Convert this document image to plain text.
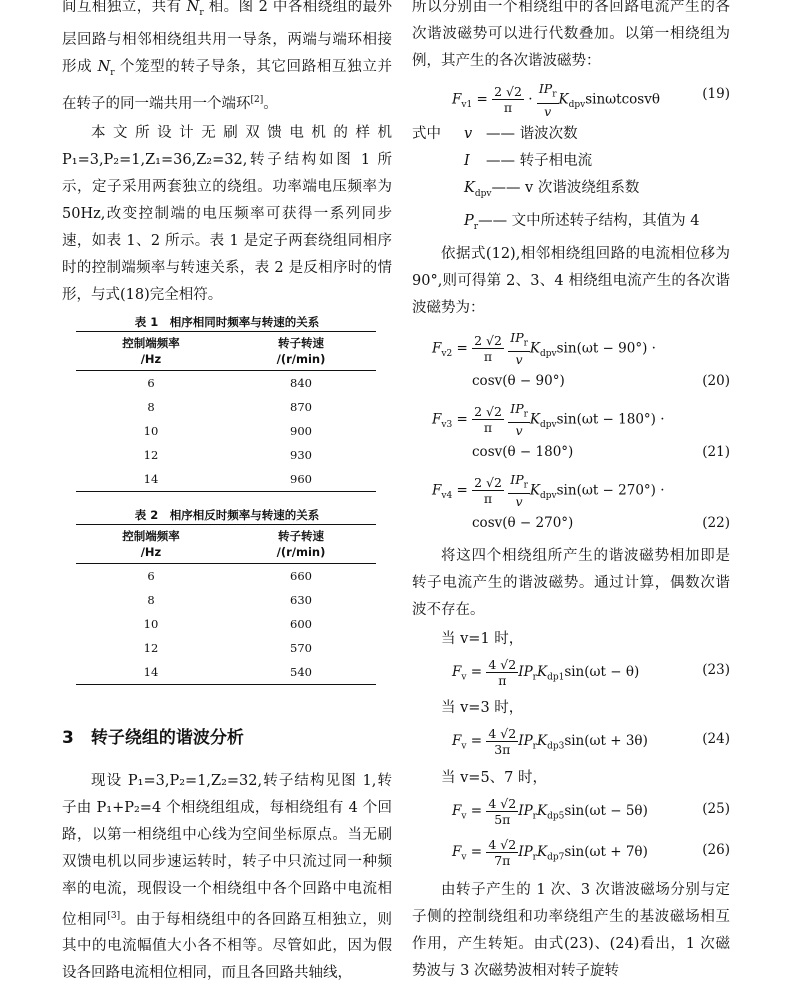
间互相独立，共有 $N_r$ 相。图 2 中各相绕组的最外层回路与相邻相绕组共用一导条，两端与端环相接形成 $N_r$ 个笼型的转子导条，其它回路相互独立并在转子的同一端共用一个端环[2]。

本文所设计无刷双馈电机的样机 P₁=3,P₂=1,Z₁=36,Z₂=32,转子结构如图 1 所示，定子采用两套独立的绕组。功率端电压频率为 50Hz,改变控制端的电压频率可获得一系列同步速，如表 1、2 所示。表 1 是定子两套绕组同相序时的控制端频率与转速关系，表 2 是反相序时的情形，与式(18)完全相符。

表 1　相序相同时频率与转速的关系
控制端频率
/Hz	转子转速
/(r/min)
6	840
8	870
10	900
12	930
14	960
表 2　相序相反时频率与转速的关系
控制端频率
/Hz	转子转速
/(r/min)
6	660
8	630
10	600
12	570
14	540
3　转子绕组的谐波分析

现设 P₁=3,P₂=1,Z₂=32,转子结构见图 1,转子由 P₁+P₂=4 个相绕组组成，每相绕组有 4 个回路，以第一相绕组中心线为空间坐标原点。当无刷双馈电机以同步速运转时，转子中只流过同一种频率的电流，现假设一个相绕组中各个回路中电流相位相同[3]。由于每相绕组中的各回路互相独立，则其中的电流幅值大小各不相等。尽管如此，因为假设各回路电流相位相同，而且各回路共轴线，

所以分别由一个相绕组中的各回路电流产生的各次谐波磁势可以进行代数叠加。以第一相绕组为例，其产生的各次谐波磁势：

$F_{v1} = \frac{2 √2}{\pi} \cdot \frac{IP_r}{v} K_{dpv}\sin\omega tcosv\theta$	(19)

式中	v —— 谐波次数

I —— 转子相电流

$K_{dpv}——$ v 次谐波绕组系数

$P_r——$ 文中所述转子结构，其值为 4

依据式(12),相邻相绕组回路的电流相位移为 90°,则可得第 2、3、4 相绕组电流产生的各次谐波磁势为：

$F_{v2} = \frac{2 √2}{\pi}$
$\frac{IP_r}{v} K_{dpv}\sin(\omega t - 90^\circ)$ ·
cosv(θ − 90°)	(20)
$F_{v3} = \frac{2 √2}{\pi}$
$\frac{IP_r}{v} K_{dpv}\sin(\omega t - 180^\circ)$ ·
cosv(θ − 180°)	(21)
$F_{v4} = \frac{2 √2}{\pi}$
$\frac{IP_r}{v} K_{dpv}\sin(\omega t - 270^\circ)$ ·
cosv(θ − 270°)	(22)

将这四个相绕组所产生的谐波磁势相加即是转子电流产生的谐波磁势。通过计算，偶数次谐波不存在。

当 v=1 时，

$F_v = \frac{4 √2}{\pi} IP_rK_{dp1}\sin(\omega t - \theta)$	(23)

当 v=3 时，

$F_v = \frac{4 √2}{3\pi} IP_rK_{dp3}\sin(\omega t + 3\theta)$	(24)

当 v=5、7 时，

$F_v = \frac{4 √2}{5\pi} IP_rK_{dp5}\sin(\omega t - 5\theta)$	(25)
$F_v = \frac{4 √2}{7\pi} IP_rK_{dp7}\sin(\omega t + 7\theta)$	(26)

由转子产生的 1 次、3 次谐波磁场分别与定子侧的控制绕组和功率绕组产生的基波磁场相互作用，产生转矩。由式(23)、(24)看出，1 次磁势波与 3 次磁势波相对转子旋转
